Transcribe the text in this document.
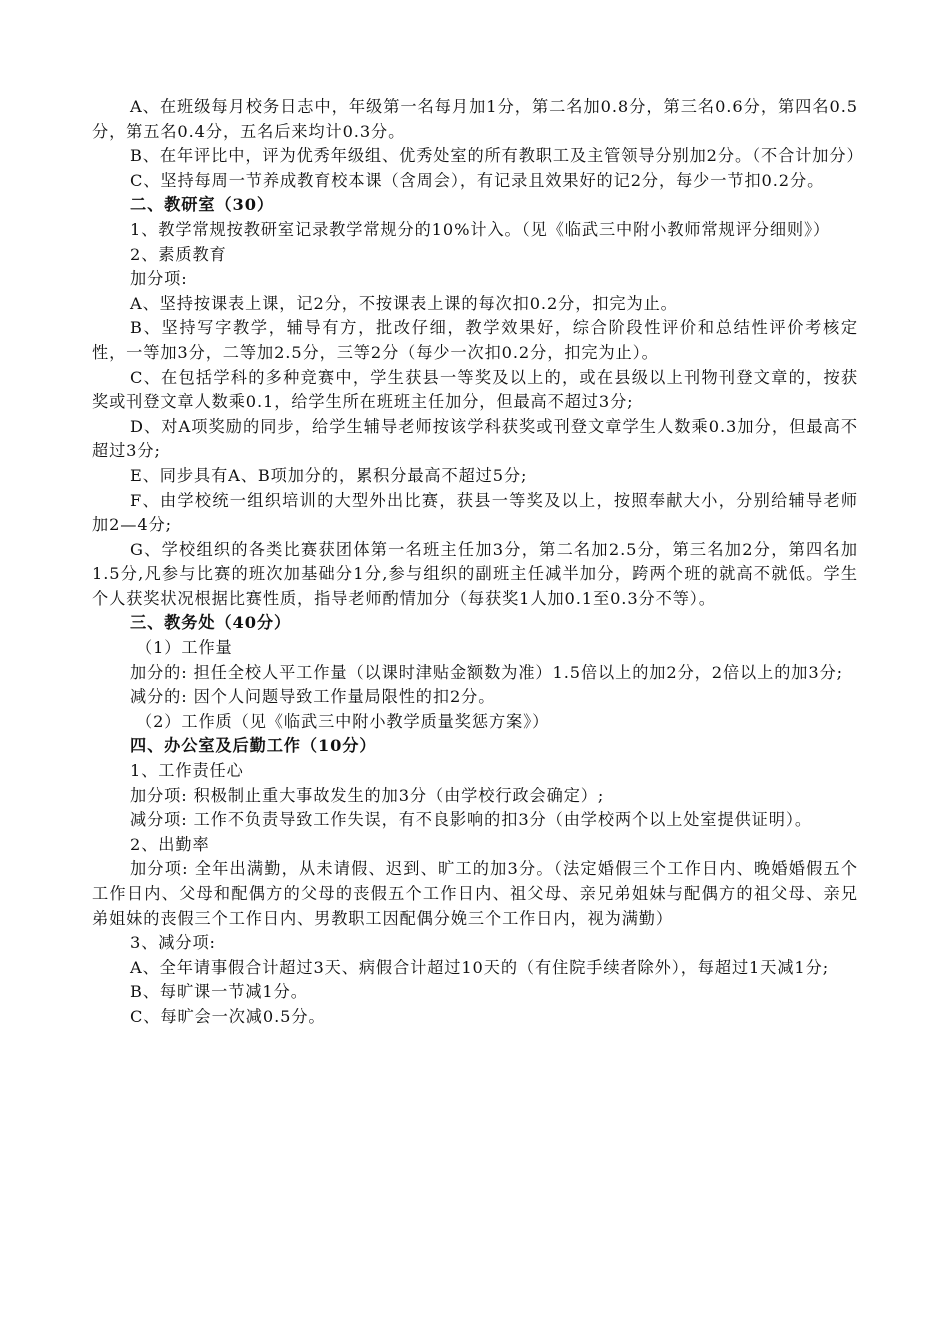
A、在班级每月校务日志中，年级第一名每月加1分，第二名加0.8分，第三名0.6分，第四名0.5分，第五名0.4分，五名后来均计0.3分。

B、在年评比中，评为优秀年级组、优秀处室的所有教职工及主管领导分别加2分。（不合计加分）

C、坚持每周一节养成教育校本课（含周会），有记录且效果好的记2分，每少一节扣0.2分。

二、教研室（30）

1、教学常规按教研室记录教学常规分的10%计入。（见《临武三中附小教师常规评分细则》）

2、素质教育

加分项:

A、坚持按课表上课，记2分，不按课表上课的每次扣0.2分，扣完为止。

B、坚持写字教学，辅导有方，批改仔细，教学效果好，综合阶段性评价和总结性评价考核定性，一等加3分，二等加2.5分，三等2分（每少一次扣0.2分，扣完为止）。

C、在包括学科的多种竞赛中，学生获县一等奖及以上的，或在县级以上刊物刊登文章的，按获奖或刊登文章人数乘0.1，给学生所在班班主任加分，但最高不超过3分;

D、对A项奖励的同步，给学生辅导老师按该学科获奖或刊登文章学生人数乘0.3加分，但最高不超过3分;

E、同步具有A、B项加分的，累积分最高不超过5分;

F、由学校统一组织培训的大型外出比赛，获县一等奖及以上，按照奉献大小，分别给辅导老师加2—4分;

G、学校组织的各类比赛获团体第一名班主任加3分，第二名加2.5分，第三名加2分，第四名加1.5分,凡参与比赛的班次加基础分1分,参与组织的副班主任减半加分，跨两个班的就高不就低。学生个人获奖状况根据比赛性质，指导老师酌情加分（每获奖1人加0.1至0.3分不等）。

三、教务处（40分）

（1）工作量

加分的: 担任全校人平工作量（以课时津贴金额数为准）1.5倍以上的加2分，2倍以上的加3分;

减分的: 因个人问题导致工作量局限性的扣2分。

（2）工作质（见《临武三中附小教学质量奖惩方案》）

四、办公室及后勤工作（10分）

1、工作责任心

加分项: 积极制止重大事故发生的加3分（由学校行政会确定）;

减分项: 工作不负责导致工作失误，有不良影响的扣3分（由学校两个以上处室提供证明）。

2、出勤率

加分项: 全年出满勤，从未请假、迟到、旷工的加3分。（法定婚假三个工作日内、晚婚婚假五个工作日内、父母和配偶方的父母的丧假五个工作日内、祖父母、亲兄弟姐妹与配偶方的祖父母、亲兄弟姐妹的丧假三个工作日内、男教职工因配偶分娩三个工作日内，视为满勤）

3、减分项:

A、全年请事假合计超过3天、病假合计超过10天的（有住院手续者除外），每超过1天减1分;

B、每旷课一节减1分。

C、每旷会一次减0.5分。
